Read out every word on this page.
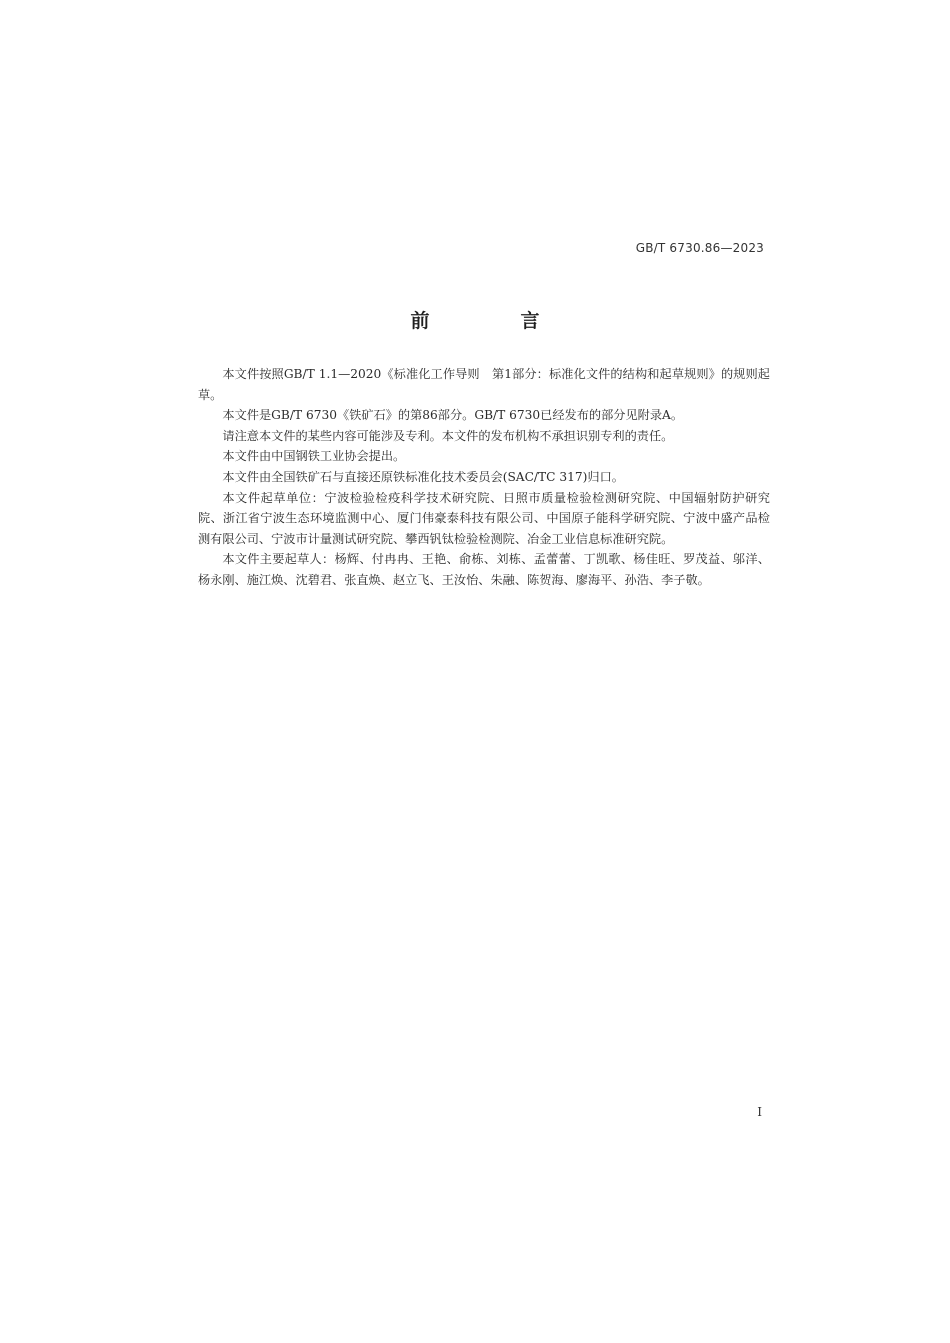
GB/T 6730.86—2023
前　言

本文件按照GB/T 1.1—2020《标准化工作导则　第1部分：标准化文件的结构和起草规则》的规则起草。

本文件是GB/T 6730《铁矿石》的第86部分。GB/T 6730已经发布的部分见附录A。

请注意本文件的某些内容可能涉及专利。本文件的发布机构不承担识别专利的责任。

本文件由中国钢铁工业协会提出。

本文件由全国铁矿石与直接还原铁标准化技术委员会(SAC/TC 317)归口。

本文件起草单位：宁波检验检疫科学技术研究院、日照市质量检验检测研究院、中国辐射防护研究院、浙江省宁波生态环境监测中心、厦门伟豪泰科技有限公司、中国原子能科学研究院、宁波中盛产品检测有限公司、宁波市计量测试研究院、攀西钒钛检验检测院、冶金工业信息标准研究院。

本文件主要起草人：杨辉、付冉冉、王艳、俞栋、刘栋、孟蕾蕾、丁凯歌、杨佳旺、罗茂益、邬洋、杨永刚、施江焕、沈碧君、张直焕、赵立飞、王汝怡、朱融、陈贺海、廖海平、孙浩、李子敬。

I
